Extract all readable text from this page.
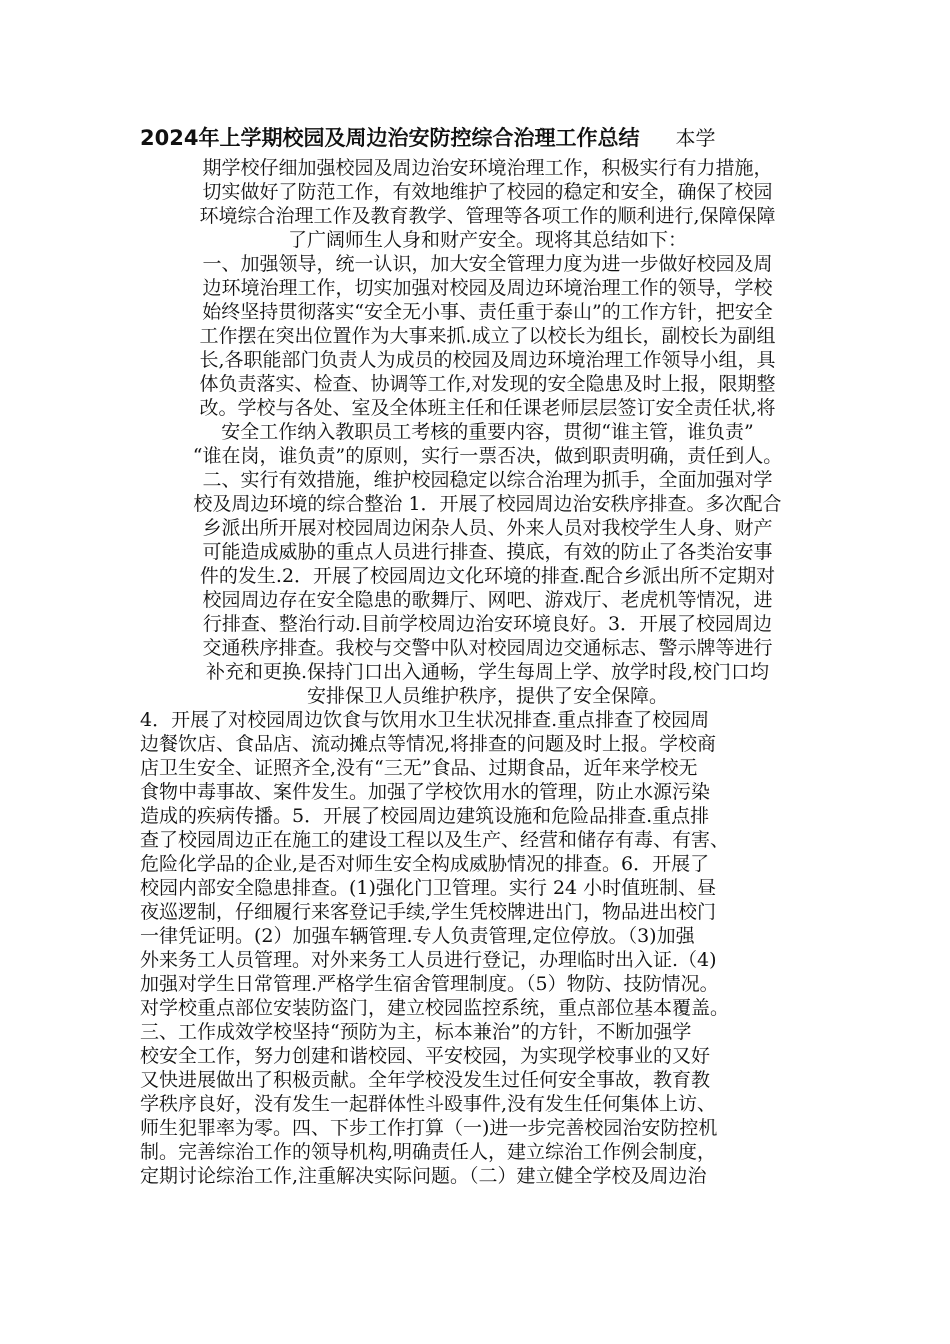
2024年上学期校园及周边治安防控综合治理工作总结 本学
期学校仔细加强校园及周边治安环境治理工作，积极实行有力措施，
切实做好了防范工作，有效地维护了校园的稳定和安全，确保了校园
环境综合治理工作及教育教学、管理等各项工作的顺利进行,保障保障
了广阔师生人身和财产安全。现将其总结如下：
一、加强领导，统一认识，加大安全管理力度为进一步做好校园及周
边环境治理工作，切实加强对校园及周边环境治理工作的领导，学校
始终坚持贯彻落实“安全无小事、责任重于泰山”的工作方针，把安全
工作摆在突出位置作为大事来抓.成立了以校长为组长，副校长为副组
长,各职能部门负责人为成员的校园及周边环境治理工作领导小组，具
体负责落实、检查、协调等工作,对发现的安全隐患及时上报，限期整
改。学校与各处、室及全体班主任和任课老师层层签订安全责任状,将
安全工作纳入教职员工考核的重要内容，贯彻“谁主管，谁负责”
“谁在岗，谁负责”的原则，实行一票否决，做到职责明确，责任到人。
二、实行有效措施，维护校园稳定以综合治理为抓手，全面加强对学
校及周边环境的综合整治 1．开展了校园周边治安秩序排查。多次配合
乡派出所开展对校园周边闲杂人员、外来人员对我校学生人身、财产
可能造成威胁的重点人员进行排查、摸底，有效的防止了各类治安事
件的发生.2．开展了校园周边文化环境的排查.配合乡派出所不定期对
校园周边存在安全隐患的歌舞厅、网吧、游戏厅、老虎机等情况，进
行排查、整治行动.目前学校周边治安环境良好。3．开展了校园周边
交通秩序排查。我校与交警中队对校园周边交通标志、警示牌等进行
补充和更换.保持门口出入通畅，学生每周上学、放学时段,校门口均
安排保卫人员维护秩序，提供了安全保障。
4．开展了对校园周边饮食与饮用水卫生状况排查.重点排查了校园周
边餐饮店、食品店、流动摊点等情况,将排查的问题及时上报。学校商
店卫生安全、证照齐全,没有“三无”食品、过期食品，近年来学校无
食物中毒事故、案件发生。加强了学校饮用水的管理，防止水源污染
造成的疾病传播。5．开展了校园周边建筑设施和危险品排查.重点排
查了校园周边正在施工的建设工程以及生产、经营和储存有毒、有害、
危险化学品的企业,是否对师生安全构成威胁情况的排查。6．开展了
校园内部安全隐患排查。(1)强化门卫管理。实行 24 小时值班制、昼
夜巡逻制，仔细履行来客登记手续,学生凭校牌进出门，物品进出校门
一律凭证明。(2）加强车辆管理.专人负责管理,定位停放。（3)加强
外来务工人员管理。对外来务工人员进行登记，办理临时出入证.（4)
加强对学生日常管理.严格学生宿舍管理制度。（5）物防、技防情况。
对学校重点部位安装防盗门，建立校园监控系统，重点部位基本覆盖。
三、工作成效学校坚持“预防为主，标本兼治”的方针，不断加强学
校安全工作，努力创建和谐校园、平安校园，为实现学校事业的又好
又快进展做出了积极贡献。全年学校没发生过任何安全事故，教育教
学秩序良好，没有发生一起群体性斗殴事件,没有发生任何集体上访、
师生犯罪率为零。四、下步工作打算（一)进一步完善校园治安防控机
制。完善综治工作的领导机构,明确责任人，建立综治工作例会制度，
定期讨论综治工作,注重解决实际问题。（二）建立健全学校及周边治
